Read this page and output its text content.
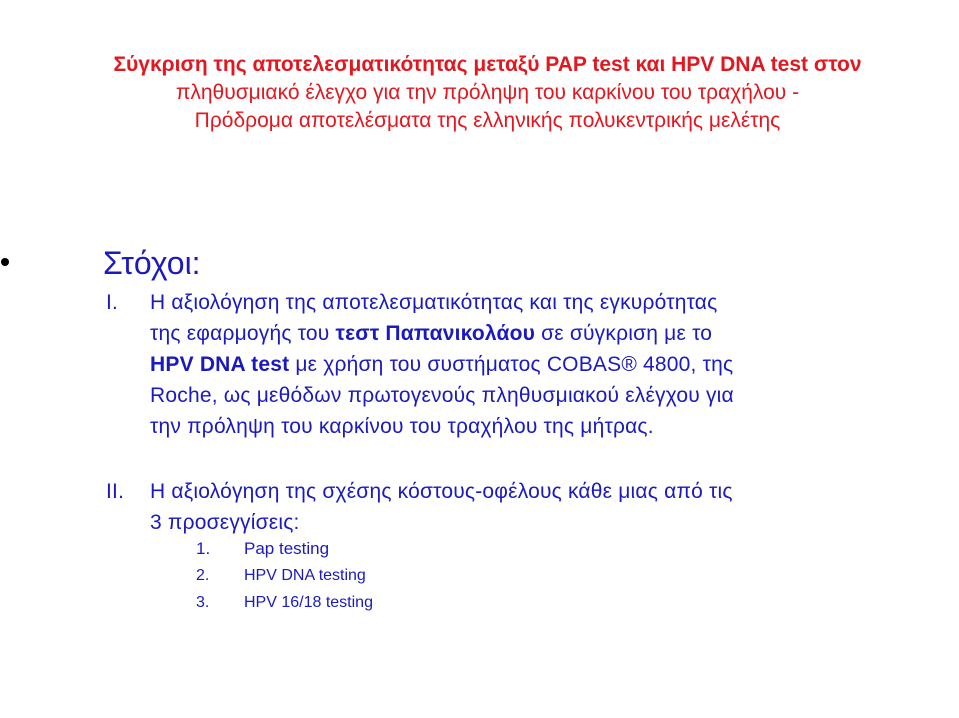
Σύγκριση της αποτελεσματικότητας μεταξύ PAP test και HPV DNA test στον
πληθυσμιακό έλεγχο για την πρόληψη του καρκίνου του τραχήλου -
Πρόδρομα αποτελέσματα της ελληνικής πολυκεντρικής μελέτης
Στόχοι:
I. Η αξιολόγηση της αποτελεσματικότητας και της εγκυρότητας
της εφαρμογής του τεστ Παπανικολάου σε σύγκριση με το
HPV DNA test με χρήση του συστήματος COBAS® 4800, της
Roche, ως μεθόδων πρωτογενούς πληθυσμιακού ελέγχου για
την πρόληψη του καρκίνου του τραχήλου της μήτρας.
II. Η αξιολόγηση της σχέσης κόστους-οφέλους κάθε μιας από τις
3 προσεγγίσεις:
1. Pap testing
2. HPV DNA testing
3. HPV 16/18 testing
